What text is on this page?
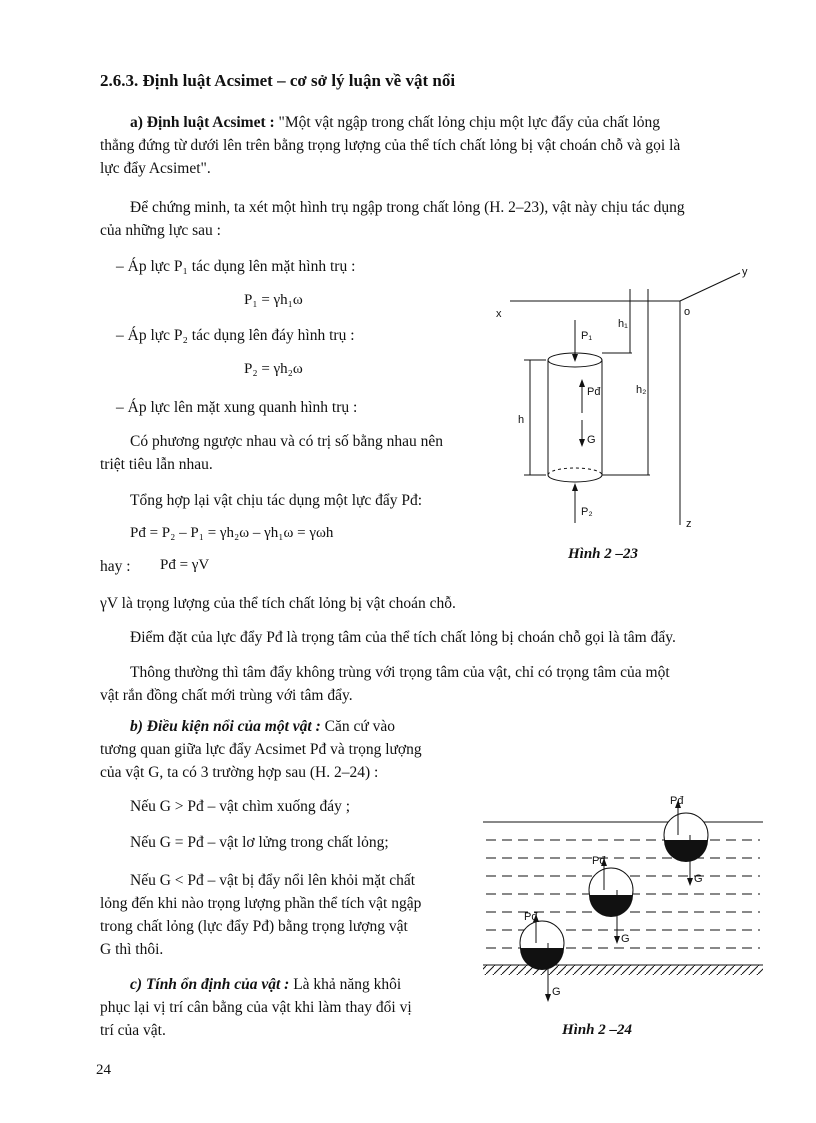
2.6.3. Định luật Acsimet – cơ sở lý luận về vật nổi
a) Định luật Acsimet : "Một vật ngập trong chất lỏng chịu một lực đẩy của chất lỏng
thẳng đứng từ dưới lên trên bằng trọng lượng của thể tích chất lỏng bị vật choán chỗ và gọi là
lực đẩy Acsimet".
Để chứng minh, ta xét một hình trụ ngập trong chất lỏng (H. 2–23), vật này chịu tác dụng
của những lực sau :
– Áp lực P₁ tác dụng lên mặt hình trụ :
P₁ = γh₁ω
– Áp lực P₂ tác dụng lên đáy hình trụ :
P₂ = γh₂ω
– Áp lực lên mặt xung quanh hình trụ :
Có phương ngược nhau và có trị số bằng nhau nên
triệt tiêu lẫn nhau.
Tổng hợp lại vật chịu tác dụng một lực đẩy Pđ:
Pđ = P₂ – P₁ = γh₂ω – γh₁ω = γωh
hay : Pđ = γV
γV là trọng lượng của thể tích chất lỏng bị vật choán chỗ.
Điểm đặt của lực đẩy Pđ là trọng tâm của thể tích chất lỏng bị choán chỗ gọi là tâm đẩy.
Thông thường thì tâm đẩy không trùng với trọng tâm của vật, chỉ có trọng tâm của một
vật rắn đồng chất mới trùng với tâm đẩy.
b) Điều kiện nổi của một vật : Căn cứ vào
tương quan giữa lực đẩy Acsimet Pđ và trọng lượng
của vật G, ta có 3 trường hợp sau (H. 2–24) :
Nếu G > Pđ – vật chìm xuống đáy ;
Nếu G = Pđ – vật lơ lửng trong chất lỏng;
Nếu G < Pđ – vật bị đẩy nổi lên khỏi mặt chất
lỏng đến khi nào trọng lượng phần thể tích vật ngập
trong chất lỏng (lực đẩy Pđ) bằng trọng lượng vật
G thì thôi.
c) Tính ổn định của vật : Là khả năng khôi
phục lại vị trí cân bằng của vật khi làm thay đổi vị
trí của vật.
24
x
y
o
z
P₁
P₂
Pđ
G
h
h₁
h₂
Hình 2 –23
Pđ
G
Pđ
G
Pđ
G
Hình 2 –24
